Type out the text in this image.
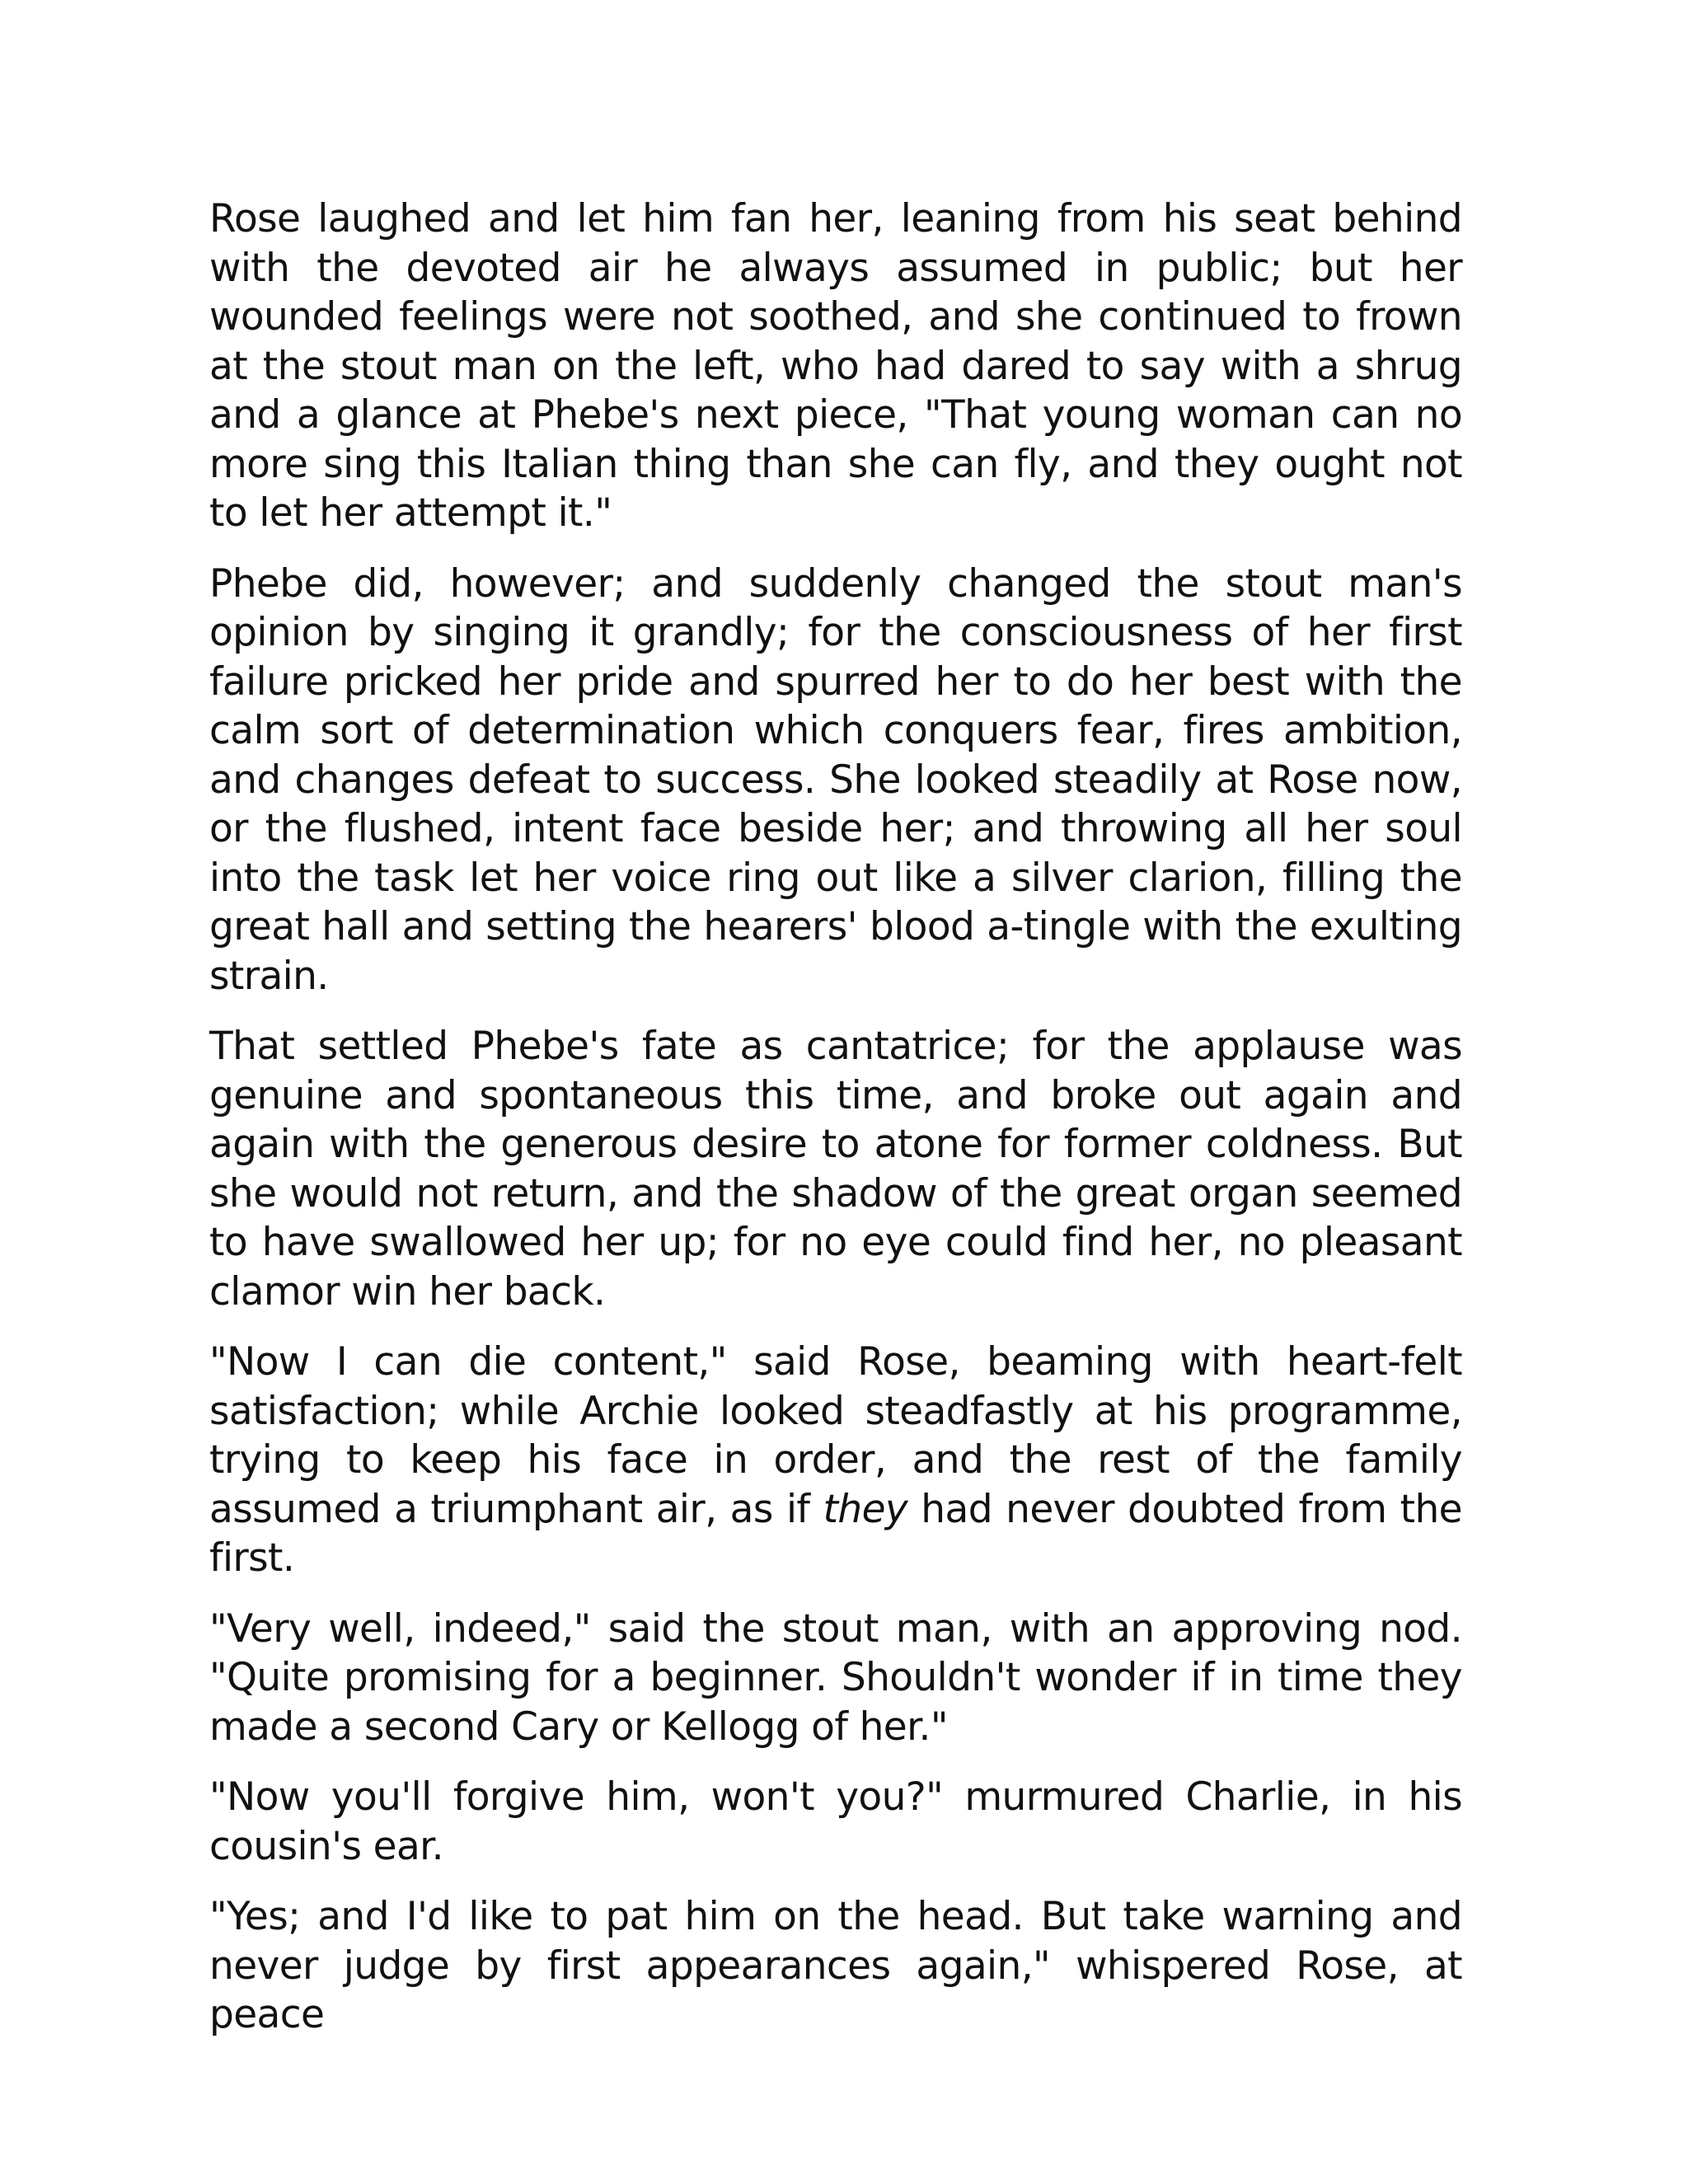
Rose laughed and let him fan her, leaning from his seat behind with the devoted air he always assumed in public; but her wounded feelings were not soothed, and she continued to frown at the stout man on the left, who had dared to say with a shrug and a glance at Phebe's next piece, "That young woman can no more sing this Italian thing than she can fly, and they ought not to let her attempt it."

Phebe did, however; and suddenly changed the stout man's opinion by singing it grandly; for the consciousness of her first failure pricked her pride and spurred her to do her best with the calm sort of determination which conquers fear, fires ambition, and changes defeat to success. She looked steadily at Rose now, or the flushed, intent face beside her; and throwing all her soul into the task let her voice ring out like a silver clarion, filling the great hall and setting the hearers' blood a-tingle with the exulting strain.

That settled Phebe's fate as cantatrice; for the applause was genuine and spontaneous this time, and broke out again and again with the generous desire to atone for former coldness. But she would not return, and the shadow of the great organ seemed to have swallowed her up; for no eye could find her, no pleasant clamor win her back.

"Now I can die content," said Rose, beaming with heart-felt satisfaction; while Archie looked steadfastly at his programme, trying to keep his face in order, and the rest of the family assumed a triumphant air, as if they had never doubted from the first.

"Very well, indeed," said the stout man, with an approving nod. "Quite promising for a beginner. Shouldn't wonder if in time they made a second Cary or Kellogg of her."

"Now you'll forgive him, won't you?" murmured Charlie, in his cousin's ear.

"Yes; and I'd like to pat him on the head. But take warning and never judge by first appearances again," whispered Rose, at peace
